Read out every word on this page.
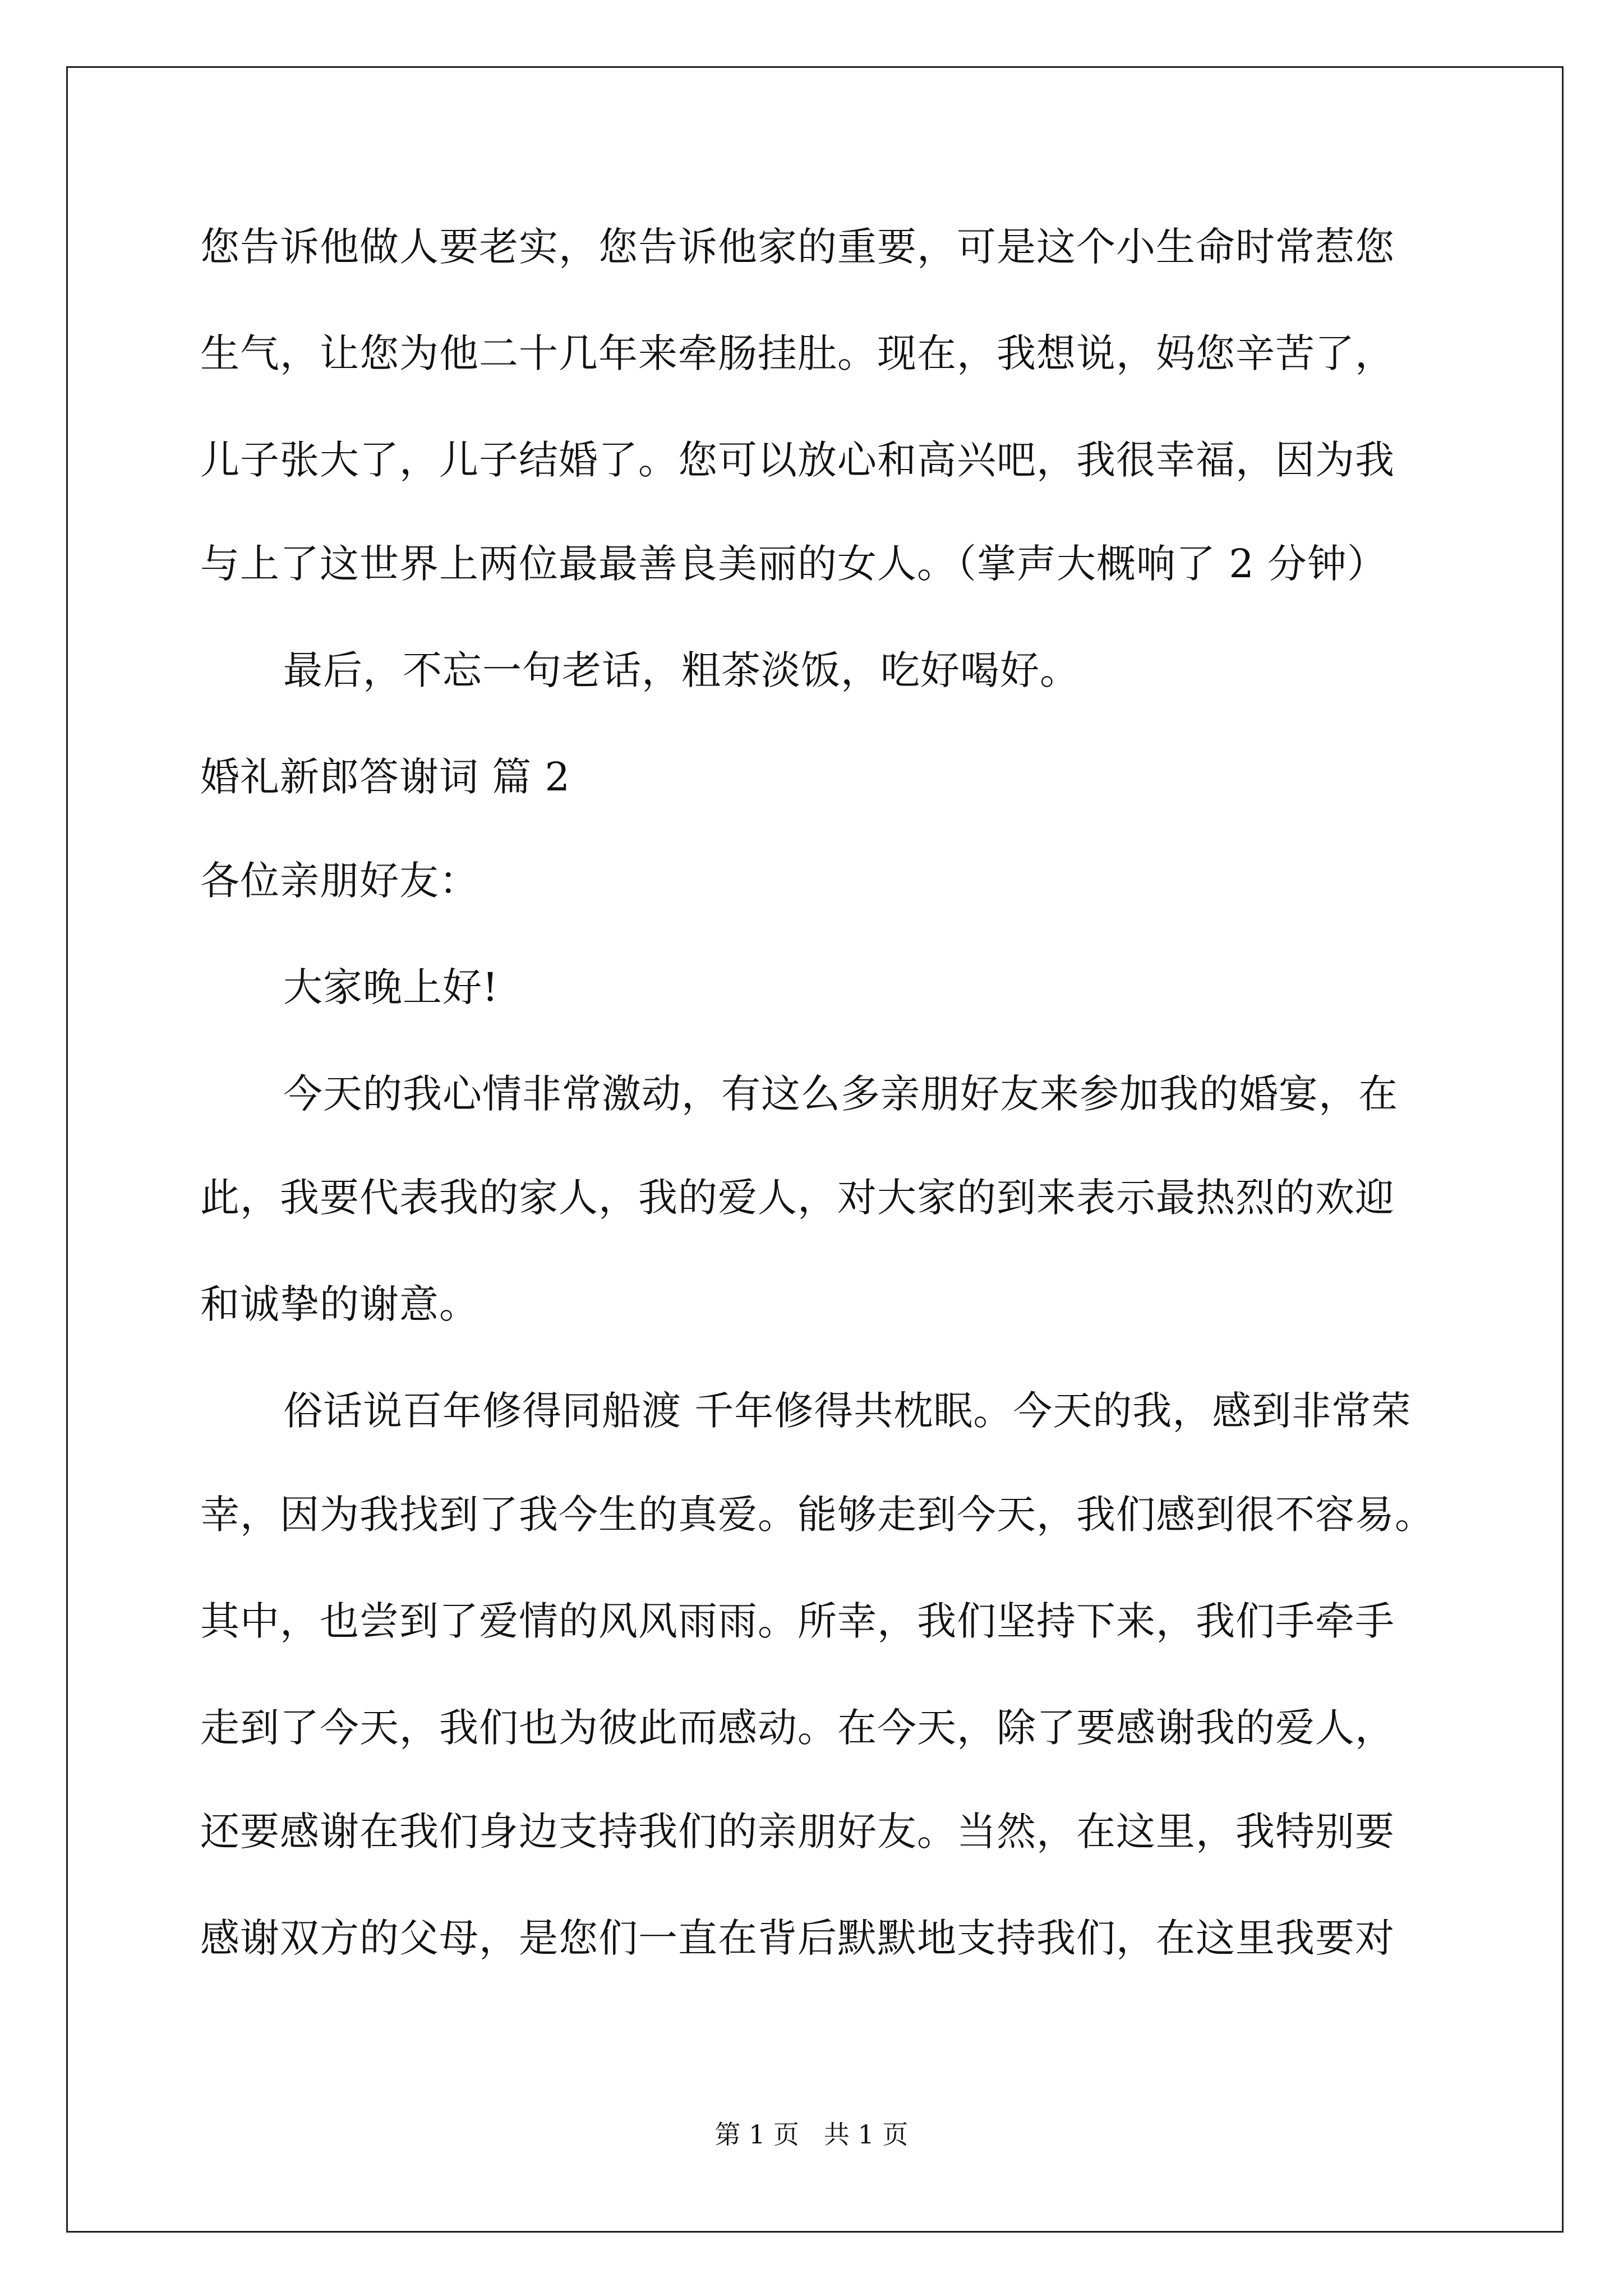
您告诉他做人要老实，您告诉他家的重要，可是这个小生命时常惹您
生气，让您为他二十几年来牵肠挂肚。现在，我想说，妈您辛苦了，
儿子张大了，儿子结婚了。您可以放心和高兴吧，我很幸福，因为我
与上了这世界上两位最最善良美丽的女人。（掌声大概响了 2 分钟）
最后，不忘一句老话，粗茶淡饭，吃好喝好。
婚礼新郎答谢词 篇 2
各位亲朋好友：
大家晚上好!
今天的我心情非常激动，有这么多亲朋好友来参加我的婚宴，在
此，我要代表我的家人，我的爱人，对大家的到来表示最热烈的欢迎
和诚挚的谢意。
俗话说百年修得同船渡 千年修得共枕眠。今天的我，感到非常荣
幸，因为我找到了我今生的真爱。能够走到今天，我们感到很不容易。
其中，也尝到了爱情的风风雨雨。所幸，我们坚持下来，我们手牵手
走到了今天，我们也为彼此而感动。在今天，除了要感谢我的爱人，
还要感谢在我们身边支持我们的亲朋好友。当然，在这里，我特别要
感谢双方的父母，是您们一直在背后默默地支持我们，在这里我要对
第 1 页   共 1 页
